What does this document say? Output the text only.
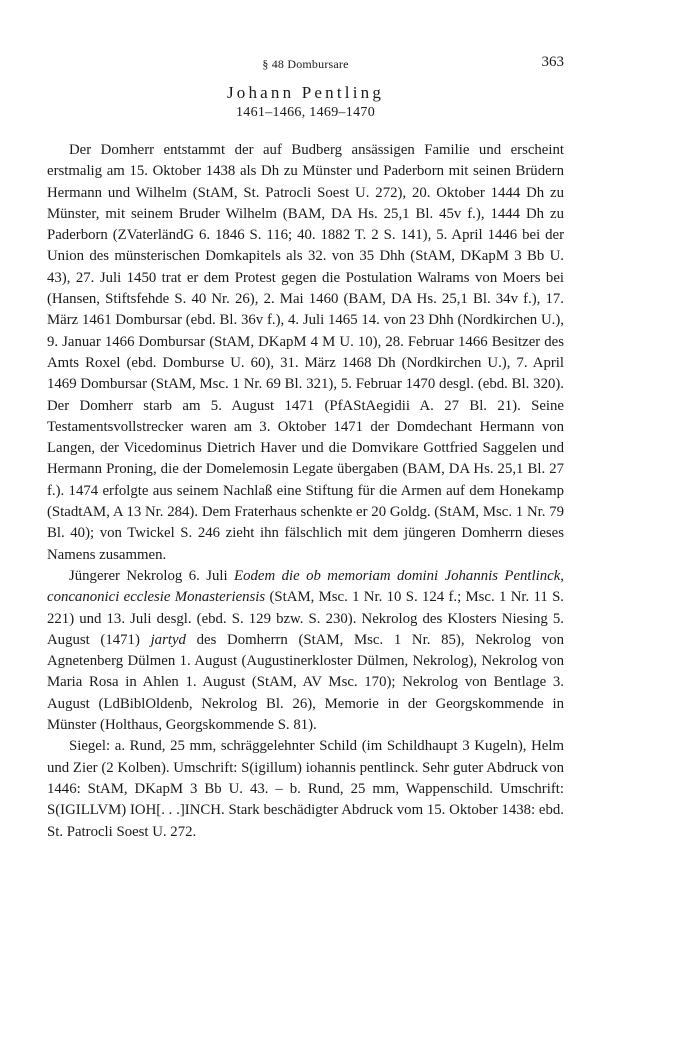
§ 48 Dombursare	363
Johann Pentling
1461–1466, 1469–1470

Der Domherr entstammt der auf Budberg ansässigen Familie und erscheint erstmalig am 15. Oktober 1438 als Dh zu Münster und Paderborn mit seinen Brüdern Hermann und Wilhelm (StAM, St. Patrocli Soest U. 272), 20. Oktober 1444 Dh zu Münster, mit seinem Bruder Wilhelm (BAM, DA Hs. 25,1 Bl. 45v f.), 1444 Dh zu Paderborn (ZVaterländG 6. 1846 S. 116; 40. 1882 T. 2 S. 141), 5. April 1446 bei der Union des münsterischen Domkapitels als 32. von 35 Dhh (StAM, DKapM 3 Bb U. 43), 27. Juli 1450 trat er dem Protest gegen die Postulation Walrams von Moers bei (Hansen, Stiftsfehde S. 40 Nr. 26), 2. Mai 1460 (BAM, DA Hs. 25,1 Bl. 34v f.), 17. März 1461 Dombursar (ebd. Bl. 36v f.), 4. Juli 1465 14. von 23 Dhh (Nordkirchen U.), 9. Januar 1466 Dombursar (StAM, DKapM 4 M U. 10), 28. Februar 1466 Besitzer des Amts Roxel (ebd. Domburse U. 60), 31. März 1468 Dh (Nordkirchen U.), 7. April 1469 Dombursar (StAM, Msc. 1 Nr. 69 Bl. 321), 5. Februar 1470 desgl. (ebd. Bl. 320). Der Domherr starb am 5. August 1471 (PfAStAegidii A. 27 Bl. 21). Seine Testamentsvollstrecker waren am 3. Oktober 1471 der Domdechant Hermann von Langen, der Vicedominus Dietrich Haver und die Domvikare Gottfried Saggelen und Hermann Proning, die der Domelemosin Legate übergaben (BAM, DA Hs. 25,1 Bl. 27 f.). 1474 erfolgte aus seinem Nachlaß eine Stiftung für die Armen auf dem Honekamp (StadtAM, A 13 Nr. 284). Dem Fraterhaus schenkte er 20 Goldg. (StAM, Msc. 1 Nr. 79 Bl. 40); von Twickel S. 246 zieht ihn fälschlich mit dem jüngeren Domherrn dieses Namens zusammen.

Jüngerer Nekrolog 6. Juli Eodem die ob memoriam domini Johannis Pentlinck, concanonici ecclesie Monasteriensis (StAM, Msc. 1 Nr. 10 S. 124 f.; Msc. 1 Nr. 11 S. 221) und 13. Juli desgl. (ebd. S. 129 bzw. S. 230). Nekrolog des Klosters Niesing 5. August (1471) jartyd des Domherrn (StAM, Msc. 1 Nr. 85), Nekrolog von Agnetenberg Dülmen 1. August (Augustinerkloster Dülmen, Nekrolog), Nekrolog von Maria Rosa in Ahlen 1. August (StAM, AV Msc. 170); Nekrolog von Bentlage 3. August (LdBiblOldenb, Nekrolog Bl. 26), Memorie in der Georgskommende in Münster (Holthaus, Georgskommende S. 81).

Siegel: a. Rund, 25 mm, schräggelehnter Schild (im Schildhaupt 3 Kugeln), Helm und Zier (2 Kolben). Umschrift: S(igillum) iohannis pentlinck. Sehr guter Abdruck von 1446: StAM, DKapM 3 Bb U. 43. – b. Rund, 25 mm, Wappenschild. Umschrift: S(IGILLVM) IOH[. . .]INCH. Stark beschädigter Abdruck vom 15. Oktober 1438: ebd. St. Patrocli Soest U. 272.
